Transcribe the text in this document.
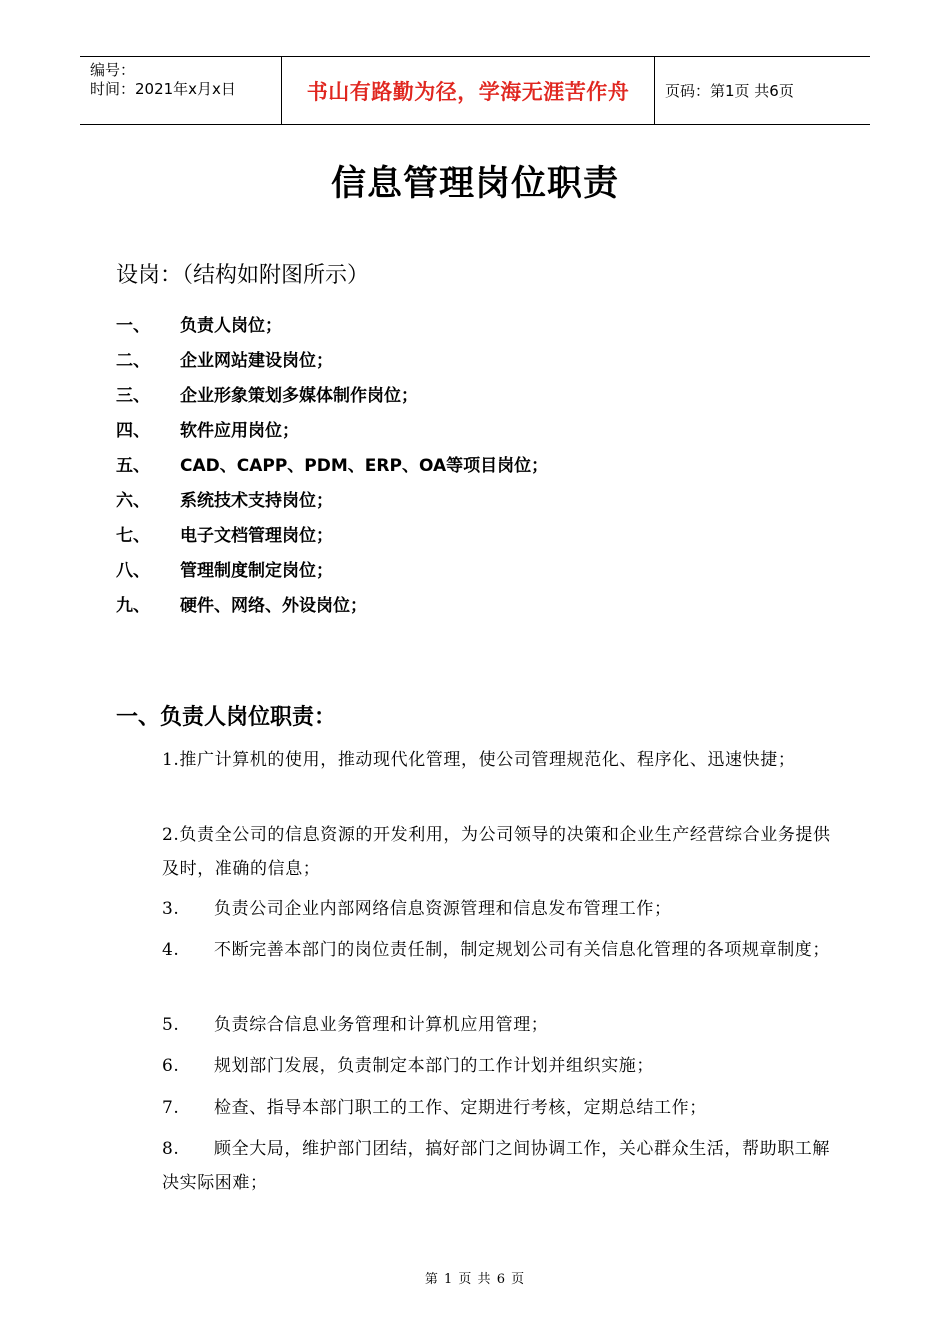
编号：
时间：2021年x月x日	书山有路勤为径，学海无涯苦作舟 页码：第1页 共6页
信息管理岗位职责
设岗：（结构如附图所示）
一、	负责人岗位；
二、	企业网站建设岗位；
三、	企业形象策划多媒体制作岗位；
四、	软件应用岗位；
五、	CAD、CAPP、PDM、ERP、OA等项目岗位；
六、	系统技术支持岗位；
七、	电子文档管理岗位；
八、	管理制度制定岗位；
九、	硬件、网络、外设岗位；
一、负责人岗位职责：
1.推广计算机的使用，推动现代化管理，使公司管理规范化、程序化、迅速快捷；
2.负责全公司的信息资源的开发利用，为公司领导的决策和企业生产经营综合业务提供及时，准确的信息；
3. 负责公司企业内部网络信息资源管理和信息发布管理工作；
4. 不断完善本部门的岗位责任制，制定规划公司有关信息化管理的各项规章制度；
5. 负责综合信息业务管理和计算机应用管理；
6. 规划部门发展，负责制定本部门的工作计划并组织实施；
7. 检查、指导本部门职工的工作、定期进行考核，定期总结工作；
8. 顾全大局，维护部门团结，搞好部门之间协调工作，关心群众生活，帮助职工解决实际困难；
第 1 页 共 6 页
